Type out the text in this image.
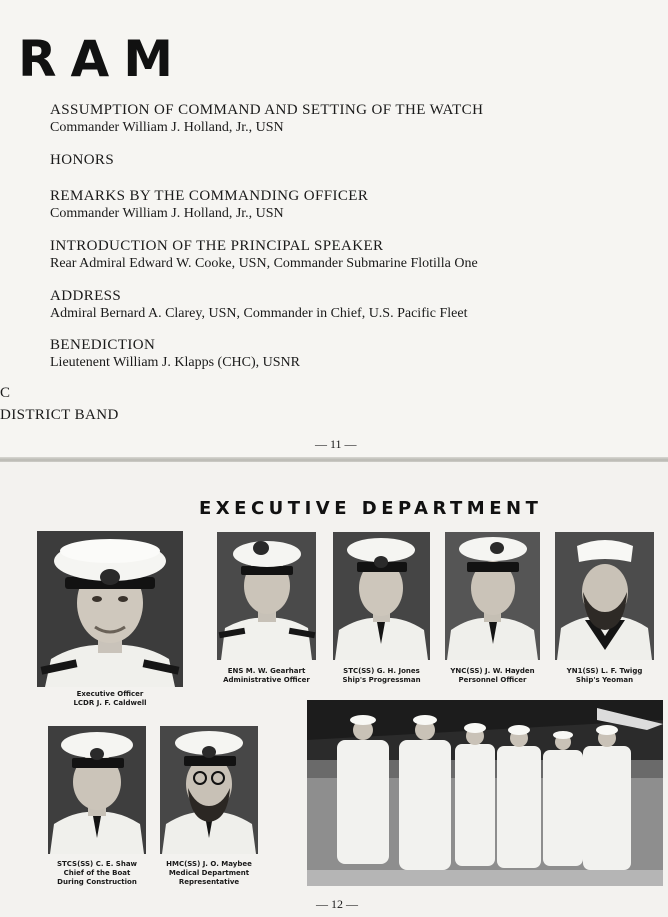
RAM
ASSUMPTION OF COMMAND AND SETTING OF THE WATCH
Commander William J. Holland, Jr., USN
HONORS
REMARKS BY THE COMMANDING OFFICER
Commander William J. Holland, Jr., USN
INTRODUCTION OF THE PRINCIPAL SPEAKER
Rear Admiral Edward W. Cooke, USN, Commander Submarine Flotilla One
ADDRESS
Admiral Bernard A. Clarey, USN, Commander in Chief, U.S. Pacific Fleet
BENEDICTION
Lieutenent William J. Klapps (CHC), USNR
C
DISTRICT BAND
— 11 —
EXECUTIVE DEPARTMENT
Executive Officer
LCDR J. F. Caldwell
ENS M. W. Gearhart
Administrative Officer
STC(SS) G. H. Jones
Ship's Progressman
YNC(SS) J. W. Hayden
Personnel Officer
YN1(SS) L. F. Twigg
Ship's Yeoman
STCS(SS) C. E. Shaw
Chief of the Boat
During Construction
HMC(SS) J. O. Maybee
Medical Department
Representative
— 12 —
